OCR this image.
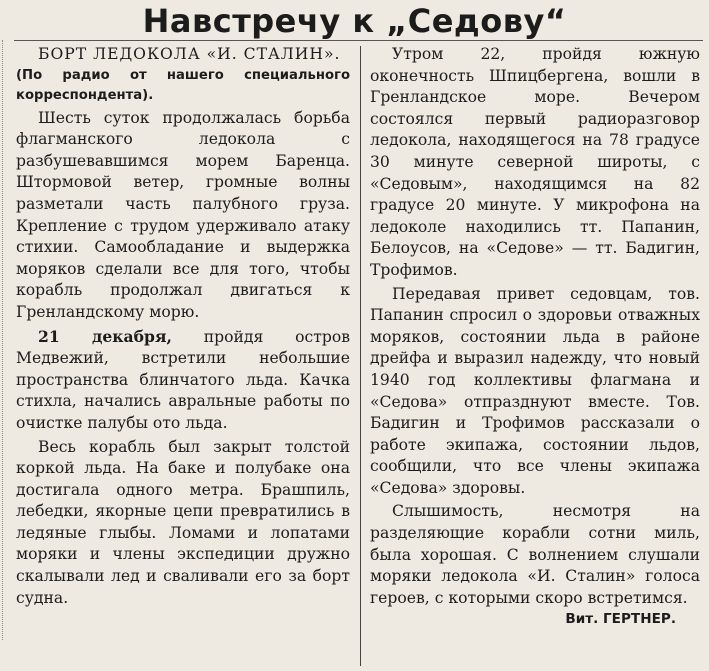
Навстречу к „Седову“
БОРТ ЛЕДОКОЛА «И. СТАЛИН».
(По радио от нашего специального корреспондента).

Шесть суток продолжалась борьба флагманского ледокола с разбушевавшимся морем Баренца. Штормовой ветер, громные волны разметали часть палубного груза. Крепление с трудом удерживало атаку стихии. Самообладание и выдержка моряков сделали все для того, чтобы корабль продолжал двигаться к Гренландскому морю.

21 декабря, пройдя остров Медвежий, встретили небольшие пространства блинчатого льда. Качка стихла, начались авральные работы по очистке палубы ото льда.

Весь корабль был закрыт толстой коркой льда. На баке и полубаке она достигала одного метра. Брашпиль, лебедки, якорные цепи превратились в ледяные глыбы. Ломами и лопатами моряки и члены экспедиции дружно скалывали лед и сваливали его за борт судна.

Утром 22, пройдя южную оконечность Шпицбергена, вошли в Гренландское море. Вечером состоялся первый радиоразговор ледокола, находящегося на 78 градусе 30 минуте северной широты, с «Седовым», находящимся на 82 градусе 20 минуте. У микрофона на ледоколе находились тт. Папанин, Белоусов, на «Седове» — тт. Бадигин, Трофимов.

Передавая привет седовцам, тов. Папанин спросил о здоровьи отважных моряков, состоянии льда в районе дрейфа и выразил надежду, что новый 1940 год коллективы флагмана и «Седова» отпразднуют вместе. Тов. Бадигин и Трофимов рассказали о работе экипажа, состоянии льдов, сообщили, что все члены экипажа «Седова» здоровы.

Слышимость, несмотря на разделяющие корабли сотни миль, была хорошая. С волнением слушали моряки ледокола «И. Сталин» голоса героев, с которыми скоро встретимся.

Вит. ГЕРТНЕР.
